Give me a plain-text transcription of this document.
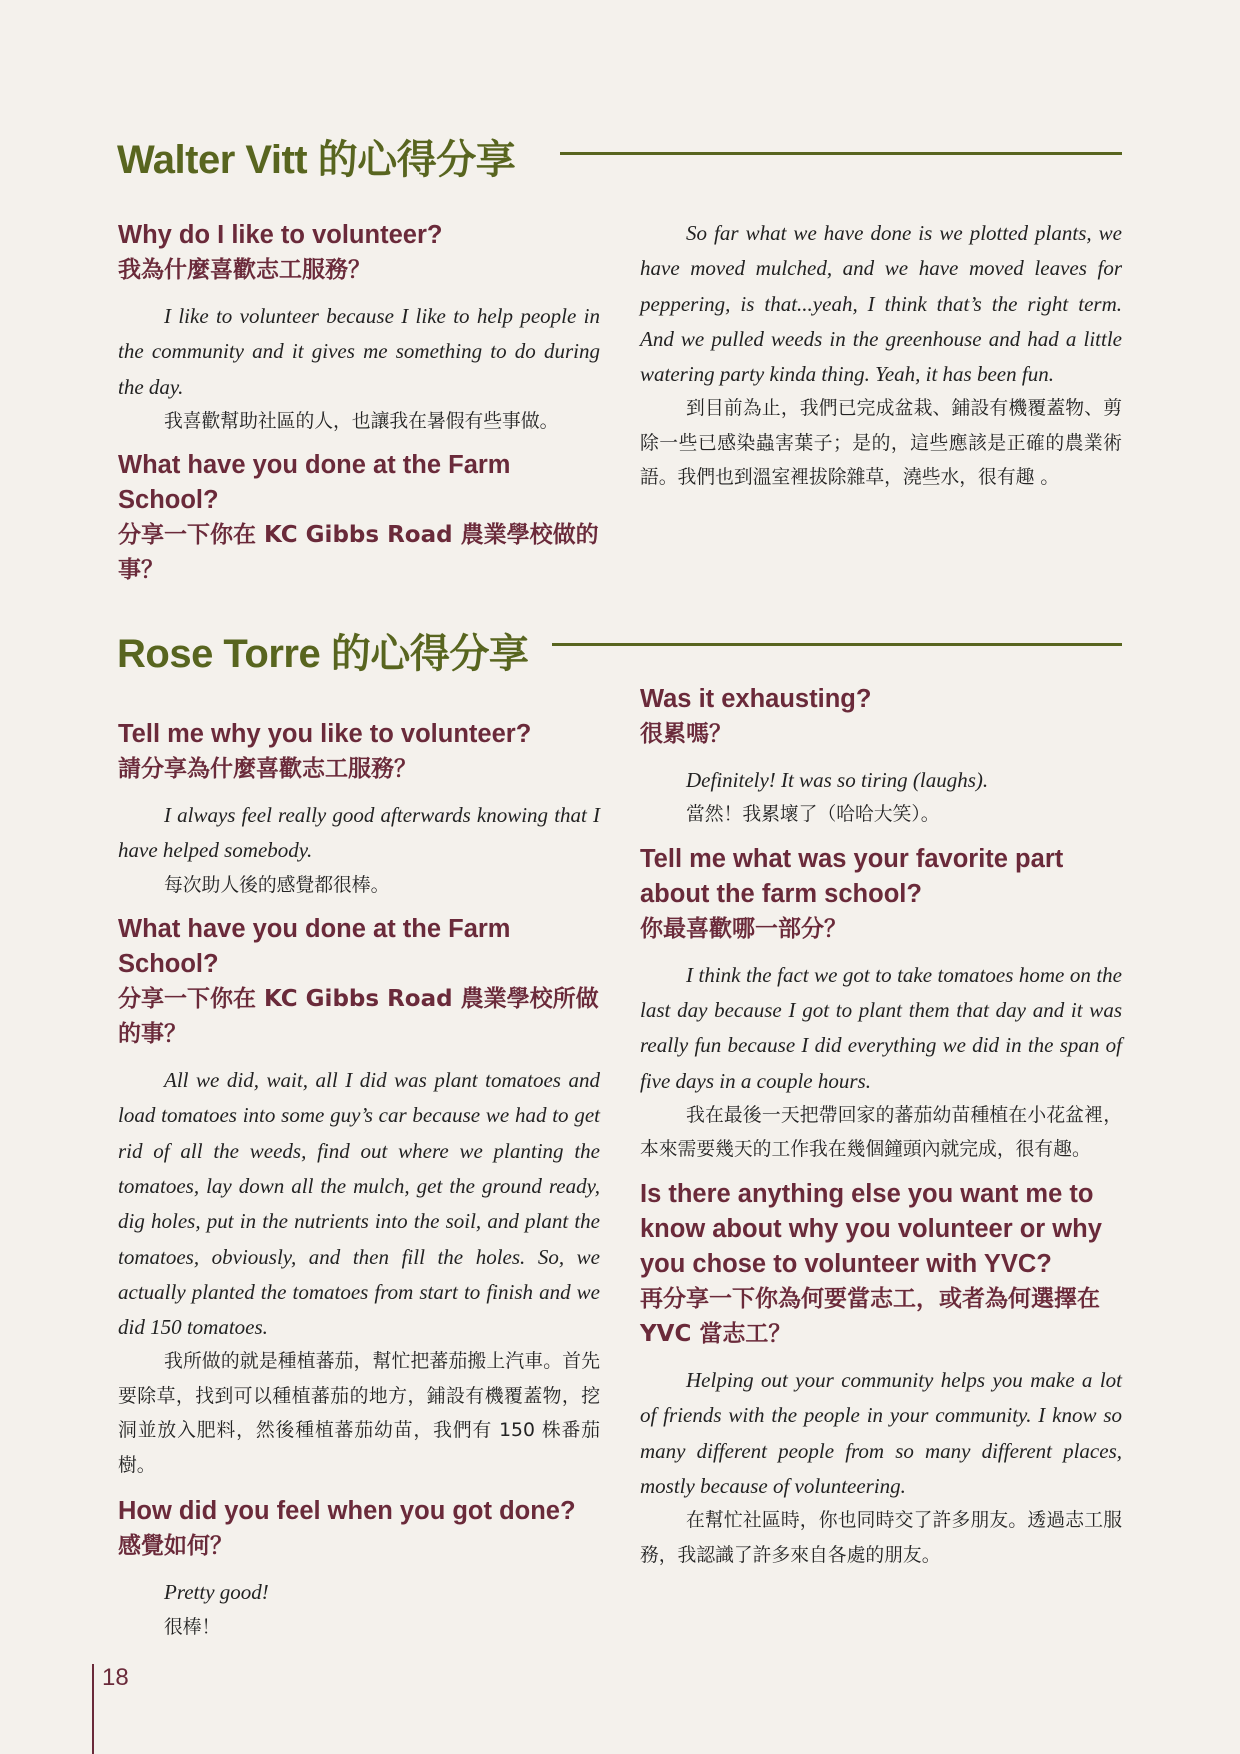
Walter Vitt 的心得分享

Why do I like to volunteer?
我為什麼喜歡志工服務？

I like to volunteer because I like to help people in the community and it gives me something to do during the day.

我喜歡幫助社區的人，也讓我在暑假有些事做。

What have you done at the Farm School?
分享一下你在 KC Gibbs Road 農業學校做的事？

So far what we have done is we plotted plants, we have moved mulched, and we have moved leaves for peppering, is that...yeah, I think that’s the right term. And we pulled weeds in the greenhouse and had a little watering party kinda thing. Yeah, it has been fun.

到目前為止，我們已完成盆栽、鋪設有機覆蓋物、剪除一些已感染蟲害葉子；是的，這些應該是正確的農業術語。我們也到溫室裡拔除雜草，澆些水，很有趣 。

Rose Torre 的心得分享

Tell me why you like to volunteer?
請分享為什麼喜歡志工服務？

I always feel really good afterwards knowing that I have helped somebody.

每次助人後的感覺都很棒。

What have you done at the Farm School?
分享一下你在 KC Gibbs Road 農業學校所做的事？

All we did, wait, all I did was plant tomatoes and load tomatoes into some guy’s car because we had to get rid of all the weeds, find out where we planting the tomatoes, lay down all the mulch, get the ground ready, dig holes, put in the nutrients into the soil, and plant the tomatoes, obviously, and then fill the holes. So, we actually planted the tomatoes from start to finish and we did 150 tomatoes.

我所做的就是種植蕃茄，幫忙把蕃茄搬上汽車。首先要除草，找到可以種植蕃茄的地方，鋪設有機覆蓋物，挖洞並放入肥料，然後種植蕃茄幼苗，我們有 150 株番茄樹。

How did you feel when you got done?
感覺如何？

Pretty good!

很棒！

Was it exhausting?
很累嗎？

Definitely! It was so tiring (laughs).

當然！我累壞了（哈哈大笑）。

Tell me what was your favorite part about the farm school?
你最喜歡哪一部分？

I think the fact we got to take tomatoes home on the last day because I got to plant them that day and it was really fun because I did everything we did in the span of five days in a couple hours.

我在最後一天把帶回家的蕃茄幼苗種植在小花盆裡，本來需要幾天的工作我在幾個鐘頭內就完成，很有趣。

Is there anything else you want me to know about why you volunteer or why you chose to volunteer with YVC?
再分享一下你為何要當志工，或者為何選擇在 YVC 當志工？

Helping out your community helps you make a lot of friends with the people in your community. I know so many different people from so many different places, mostly because of volunteering.

在幫忙社區時，你也同時交了許多朋友。透過志工服務，我認識了許多來自各處的朋友。

18
